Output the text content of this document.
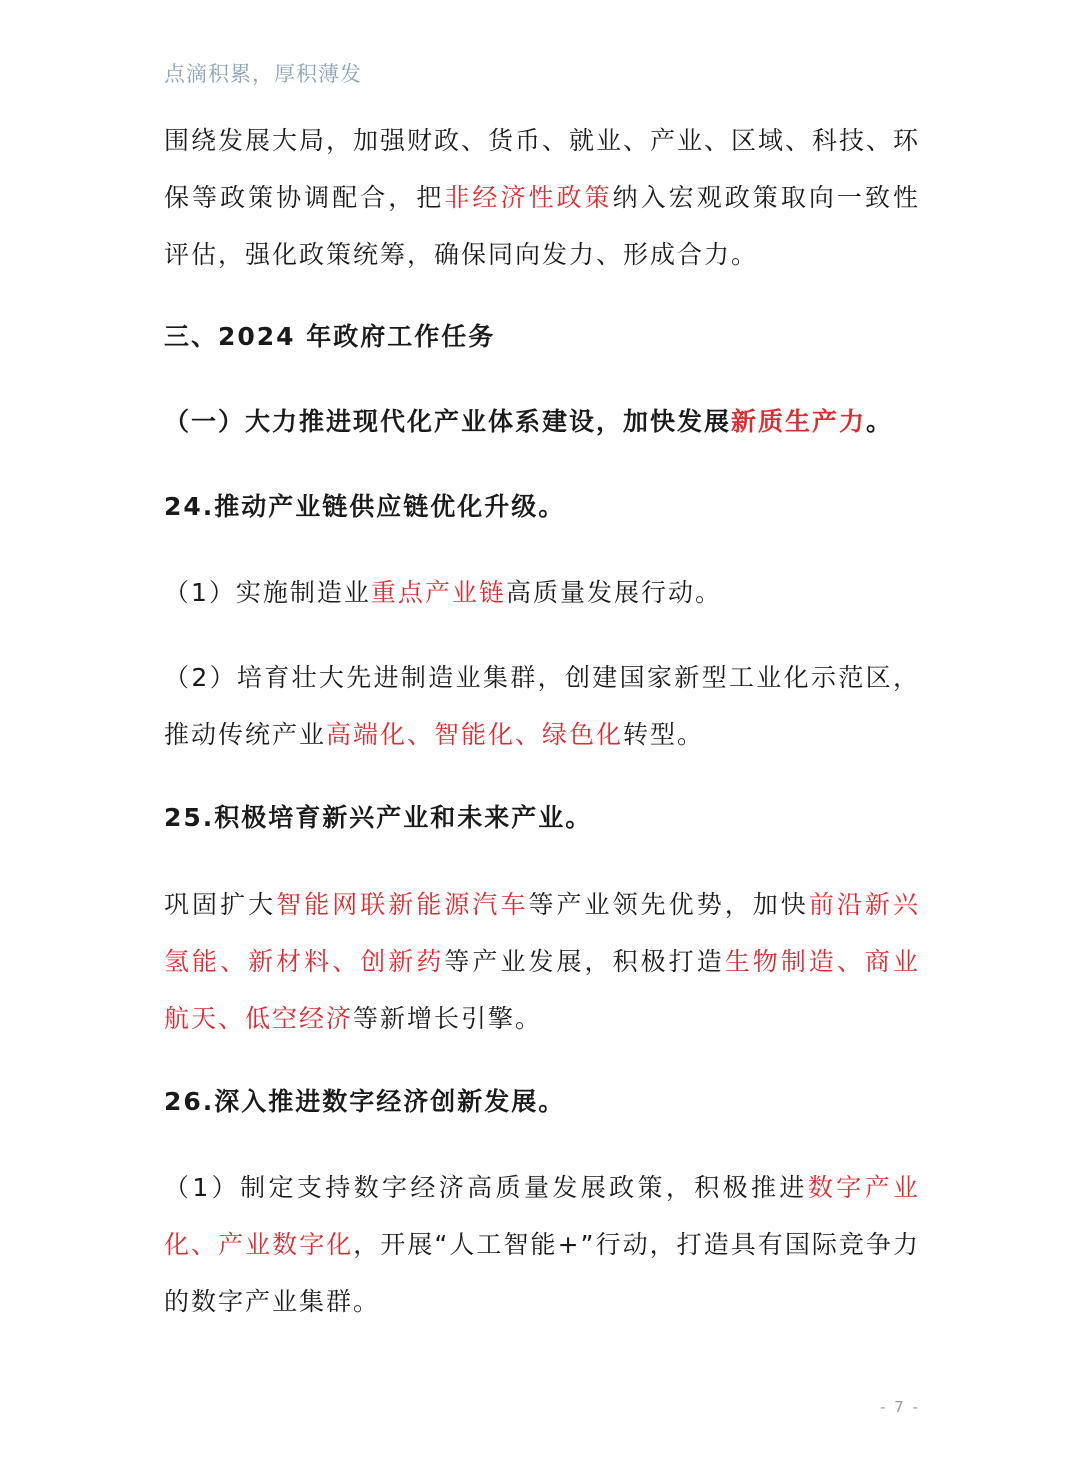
点滴积累，厚积薄发
围绕发展大局，加强财政、货币、就业、产业、区域、科技、环保等政策协调配合，把非经济性政策纳入宏观政策取向一致性评估，强化政策统筹，确保同向发力、形成合力。
三、2024 年政府工作任务
（一）大力推进现代化产业体系建设，加快发展新质生产力。
24.推动产业链供应链优化升级。
（1）实施制造业重点产业链高质量发展行动。
（2）培育壮大先进制造业集群，创建国家新型工业化示范区，推动传统产业高端化、智能化、绿色化转型。
25.积极培育新兴产业和未来产业。
巩固扩大智能网联新能源汽车等产业领先优势，加快前沿新兴氢能、新材料、创新药等产业发展，积极打造生物制造、商业航天、低空经济等新增长引擎。
26.深入推进数字经济创新发展。
（1）制定支持数字经济高质量发展政策，积极推进数字产业化、产业数字化，开展“人工智能+”行动，打造具有国际竞争力的数字产业集群。
- 7 -
